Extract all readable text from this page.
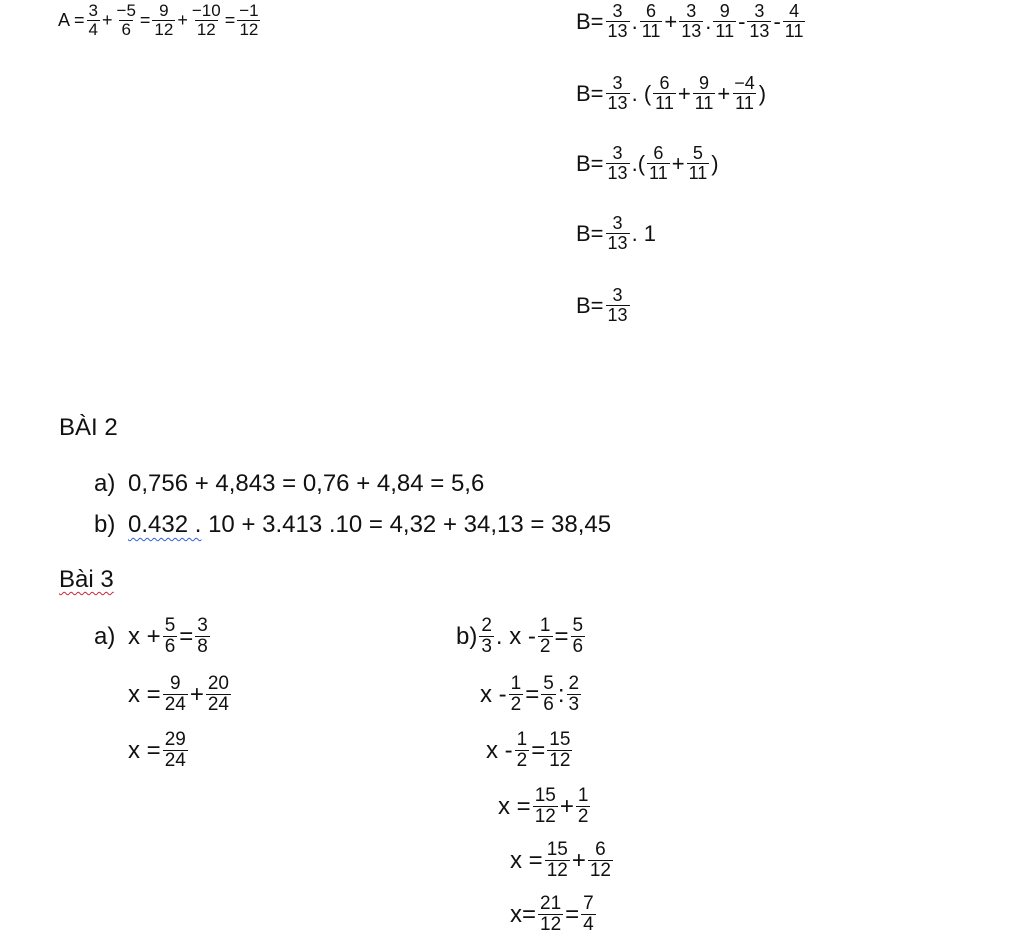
$A = \frac{3}{4} + \frac{-5}{6} = \frac{9}{12} + \frac{-10}{12} = \frac{-1}{12}$	$B= \frac{3}{13}$ . $\frac{6}{11} + \frac{3}{13}$ . $\frac{9}{11} - \frac{3}{13} - \frac{4}{11}$
$B= \frac{3}{13}$ .
( $\frac{6}{11} + \frac{9}{11} + \frac{-4}{11}$ )
$B= \frac{3}{13}$ . ( $\frac{6}{11} + \frac{5}{11}$ )
$B= \frac{3}{13}$ . 1
$B= \frac{3}{13}$
BÀI 2
a) 0,756 + 4,843 = 0,76 + 4,84 = 5,6
b) 0.432 . 10 + 3.413 .10 = 4,32 + 34,13 = 38,45
Bài 3
a) $x + \frac{5}{6} = \frac{3}{8}$
$x = \frac{9}{24} + \frac{20}{24}$
$x = \frac{29}{24}$
$b) \frac{2}{3}$ . $x - \frac{1}{2} = \frac{5}{6}$
$x - \frac{1}{2} = \frac{5}{6}$ : $\frac{2}{3}$
$x - \frac{1}{2} = \frac{15}{12}$
$x = \frac{15}{12} + \frac{1}{2}$
$x = \frac{15}{12} + \frac{6}{12}$
$x= \frac{21}{12} = \frac{7}{4}$
